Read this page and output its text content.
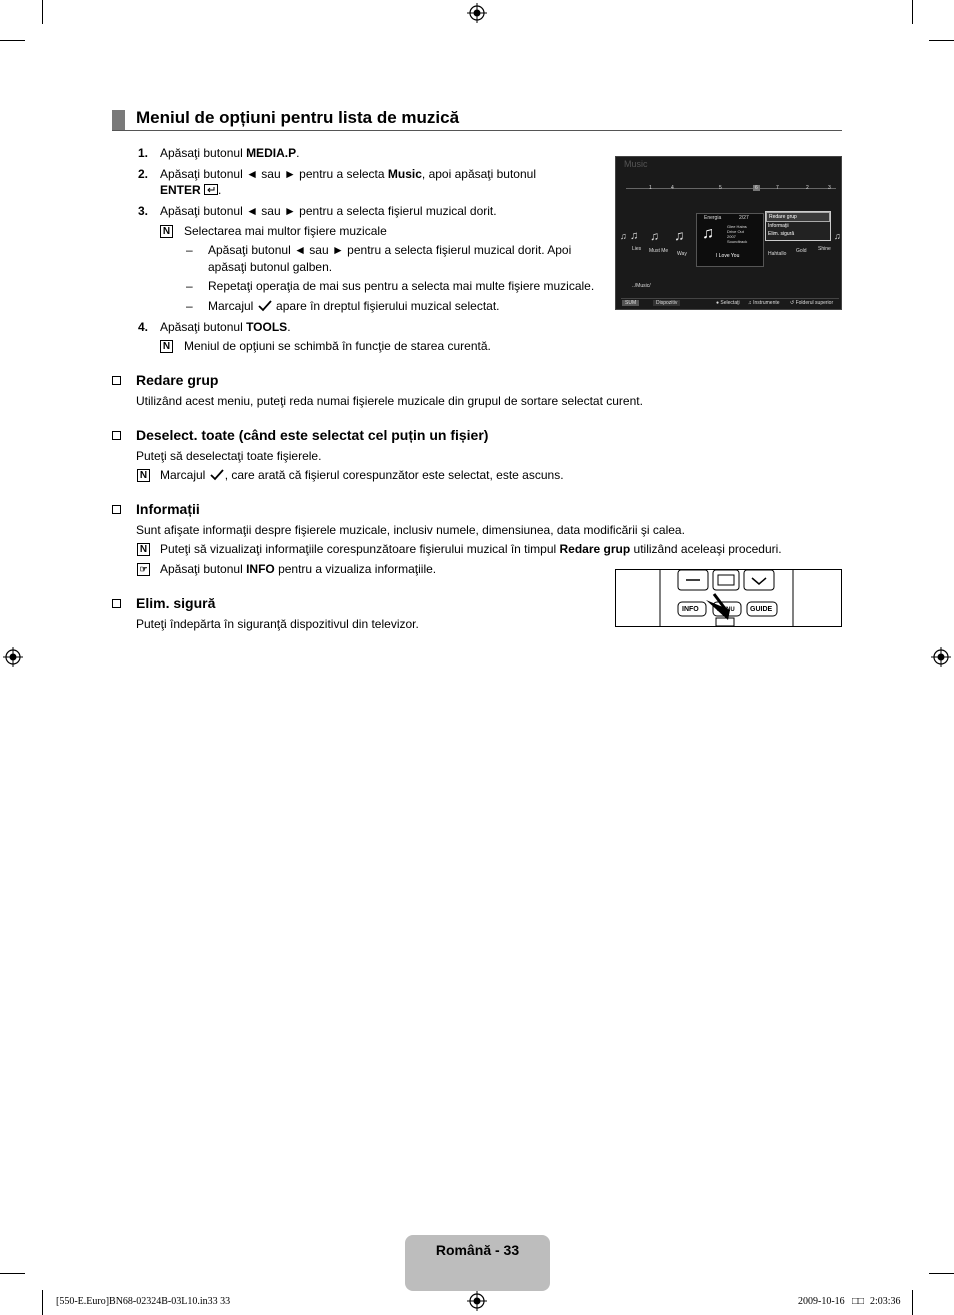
Meniul de opțiuni pentru lista de muzică
1. Apăsaţi butonul MEDIA.P.
2. Apăsaţi butonul ◄ sau ► pentru a selecta Music, apoi apăsaţi butonul
ENTER .
3. Apăsaţi butonul ◄ sau ► pentru a selecta fişierul muzical dorit.
N Selectarea mai multor fişiere muzicale
– Apăsaţi butonul ◄ sau ► pentru a selecta fişierul muzical dorit. Apoi
apăsaţi butonul galben.
– Repetaţi operaţia de mai sus pentru a selecta mai multe fişiere muzicale.
– Marcajul apare în dreptul fişierului muzical selectat.
4. Apăsaţi butonul TOOLS.
N Meniul de opţiuni se schimbă în funcţie de starea curentă.
Music
1	4	5	6	7	2	3
Energia	2/27
Glee Hains
Drive Out
2007
Soundtrack
I Love You
♫ ♫ ♫ ♫ ♫	♫
Lies Must Me Way	Hahtallo Gold Shine
Redare grup
Informaţii
Elim. sigură
../Music/
SUM	Dispozitiv	● Selectaţi ♫ Instrumente ↺ Folderul superior
Redare grup
Utilizând acest meniu, puteţi reda numai fişierele muzicale din grupul de sortare selectat curent.
Deselect. toate (când este selectat cel puțin un fișier)
Puteţi să deselectaţi toate fişierele.
N Marcajul , care arată că fişierul corespunzător este selectat, este ascuns.
Informații
Sunt afişate informaţii despre fişierele muzicale, inclusiv numele, dimensiunea, data modificării şi calea.
N Puteţi să vizualizaţi informaţiile corespunzătoare fişierului muzical în timpul Redare grup utilizând aceleaşi proceduri.
☞ Apăsaţi butonul INFO pentru a vizualiza informaţiile.
Elim. sigură
Puteţi îndepărta în siguranţă dispozitivul din televizor.
INFO	MENU GUIDE
Română - 33
[550-E.Euro]BN68-02324B-03L10.in33 33	2009-10-16 □□ 2:03:36
